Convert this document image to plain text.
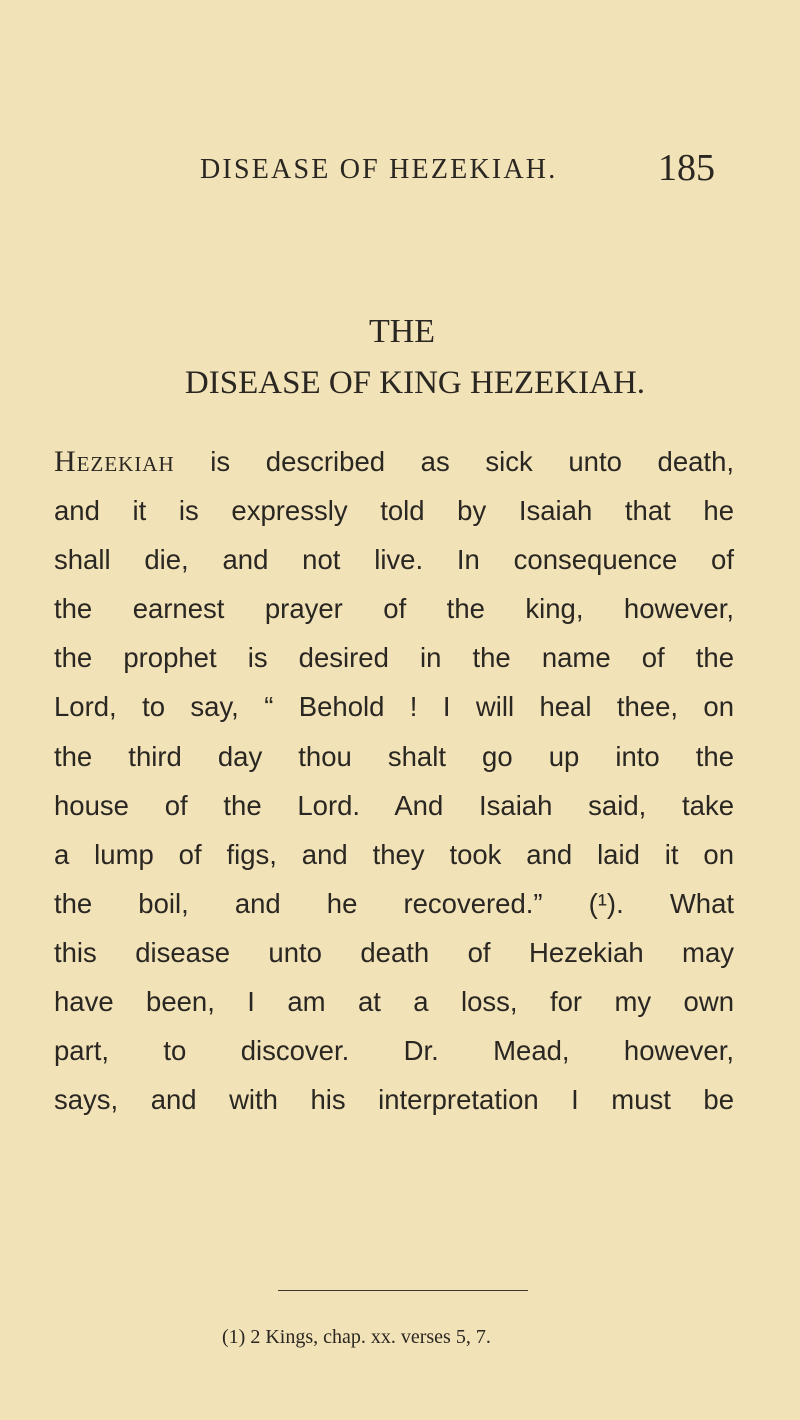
DISEASE OF HEZEKIAH.	185
THE
DISEASE OF KING HEZEKIAH.
Hezekiah is described as sick unto death,
and it is expressly told by Isaiah that he
shall die, and not live. In consequence of
the earnest prayer of the king, however,
the prophet is desired in the name of the
Lord, to say, “ Behold ! I will heal thee, on
the third day thou shalt go up into the
house of the Lord. And Isaiah said, take
a lump of figs, and they took and laid it on
the boil, and he recovered.” (¹). What
this disease unto death of Hezekiah may
have been, I am at a loss, for my own
part, to discover. Dr. Mead, however,
says, and with his interpretation I must be
(1) 2 Kings, chap. xx. verses 5, 7.
